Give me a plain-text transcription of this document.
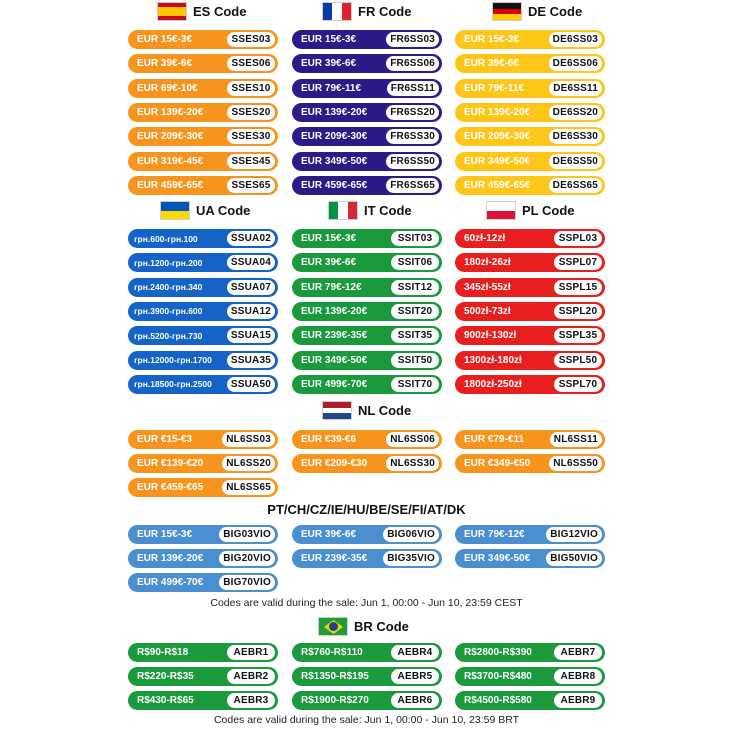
ES Code	FR Code	DE Code
UA Code	IT Code	PL Code
NL Code
PT/CH/CZ/IE/HU/BE/SE/FI/AT/DK
Codes are valid during the sale: Jun 1, 00:00 - Jun 10, 23:59 CEST
BR Code
Codes are valid during the sale: Jun 1, 00:00 - Jun 10, 23:59 BRT
EUR 15€-3€	SSES03
EUR 39€-6€	SSES06
EUR 69€-10€	SSES10
EUR 139€-20€	SSES20
EUR 209€-30€	SSES30
EUR 319€-45€	SSES45
EUR 459€-65€	SSES65
EUR 15€-3€	FR6SS03
EUR 39€-6€	FR6SS06
EUR 79€-11€	FR6SS11
EUR 139€-20€	FR6SS20
EUR 209€-30€	FR6SS30
EUR 349€-50€	FR6SS50
EUR 459€-65€	FR6SS65
EUR 15€-3€	DE6SS03
EUR 39€-6€	DE6SS06
EUR 79€-11€	DE6SS11
EUR 139€-20€	DE6SS20
EUR 209€-30€	DE6SS30
EUR 349€-50€	DE6SS50
EUR 459€-65€	DE6SS65
грн.600-грн.100	SSUA02
грн.1200-грн.200	SSUA04
грн.2400-грн.340	SSUA07
грн.3900-грн.600	SSUA12
грн.5200-грн.730	SSUA15
грн.12000-грн.1700	SSUA35
грн.18500-грн.2500	SSUA50
EUR 15€-3€	SSIT03
EUR 39€-6€	SSIT06
EUR 79€-12€	SSIT12
EUR 139€-20€	SSIT20
EUR 239€-35€	SSIT35
EUR 349€-50€	SSIT50
EUR 499€-70€	SSIT70
60zł-12zł	SSPL03
180zł-26zł	SSPL07
345zł-55zł	SSPL15
500zł-73zł	SSPL20
900zł-130zł	SSPL35
1300zł-180zł	SSPL50
1800zł-250zł	SSPL70
EUR €15-€3	NL6SS03	EUR €39-€6	NL6SS06	EUR €79-€11	NL6SS11
EUR €139-€20	NL6SS20	EUR €209-€30	NL6SS30	EUR €349-€50	NL6SS50
EUR €459-€65	NL6SS65
EUR 15€-3€	BIG03VIO	EUR 39€-6€	BIG06VIO	EUR 79€-12€	BIG12VIO
EUR 139€-20€	BIG20VIO	EUR 239€-35€	BIG35VIO	EUR 349€-50€	BIG50VIO
EUR 499€-70€	BIG70VIO
R$90-R$18	AEBR1	R$760-R$110	AEBR4	R$2800-R$390	AEBR7
R$220-R$35	AEBR2	R$1350-R$195	AEBR5	R$3700-R$480	AEBR8
R$430-R$65	AEBR3	R$1900-R$270	AEBR6	R$4500-R$580	AEBR9
